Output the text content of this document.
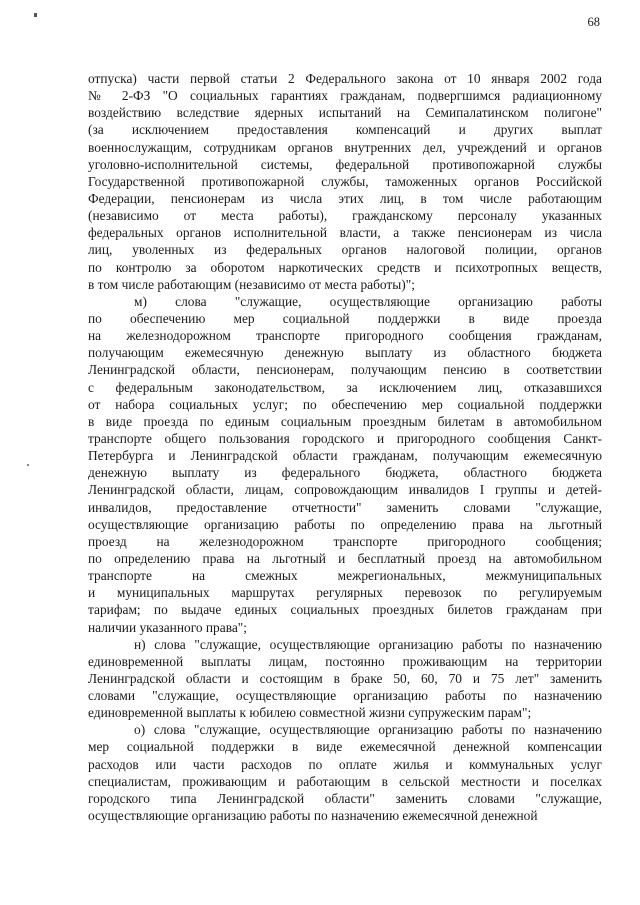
68
отпуска) части первой статьи 2 Федерального закона от 10 января 2002 года
№ 2-ФЗ "О социальных гарантиях гражданам, подвергшимся радиационному
воздействию вследствие ядерных испытаний на Семипалатинском полигоне"
(за исключением предоставления компенсаций и других выплат
военнослужащим, сотрудникам органов внутренних дел, учреждений и органов
уголовно-исполнительной системы, федеральной противопожарной службы
Государственной противопожарной службы, таможенных органов Российской
Федерации, пенсионерам из числа этих лиц, в том числе работающим
(независимо от места работы), гражданскому персоналу указанных
федеральных органов исполнительной власти, а также пенсионерам из числа
лиц, уволенных из федеральных органов налоговой полиции, органов
по контролю за оборотом наркотических средств и психотропных веществ,
в том числе работающим (независимо от места работы)";
м) слова "служащие, осуществляющие организацию работы
по обеспечению мер социальной поддержки в виде проезда
на железнодорожном транспорте пригородного сообщения гражданам,
получающим ежемесячную денежную выплату из областного бюджета
Ленинградской области, пенсионерам, получающим пенсию в соответствии
с федеральным законодательством, за исключением лиц, отказавшихся
от набора социальных услуг; по обеспечению мер социальной поддержки
в виде проезда по единым социальным проездным билетам в автомобильном
транспорте общего пользования городского и пригородного сообщения Санкт-
Петербурга и Ленинградской области гражданам, получающим ежемесячную
денежную выплату из федерального бюджета, областного бюджета
Ленинградской области, лицам, сопровождающим инвалидов I группы и детей-
инвалидов, предоставление отчетности" заменить словами "служащие,
осуществляющие организацию работы по определению права на льготный
проезд на железнодорожном транспорте пригородного сообщения;
по определению права на льготный и бесплатный проезд на автомобильном
транспорте на смежных межрегиональных, межмуниципальных
и муниципальных маршрутах регулярных перевозок по регулируемым
тарифам; по выдаче единых социальных проездных билетов гражданам при
наличии указанного права";
н) слова "служащие, осуществляющие организацию работы по назначению
единовременной выплаты лицам, постоянно проживающим на территории
Ленинградской области и состоящим в браке 50, 60, 70 и 75 лет" заменить
словами "служащие, осуществляющие организацию работы по назначению
единовременной выплаты к юбилею совместной жизни супружеским парам";
о) слова "служащие, осуществляющие организацию работы по назначению
мер социальной поддержки в виде ежемесячной денежной компенсации
расходов или части расходов по оплате жилья и коммунальных услуг
специалистам, проживающим и работающим в сельской местности и поселках
городского типа Ленинградской области" заменить словами "служащие,
осуществляющие организацию работы по назначению ежемесячной денежной
